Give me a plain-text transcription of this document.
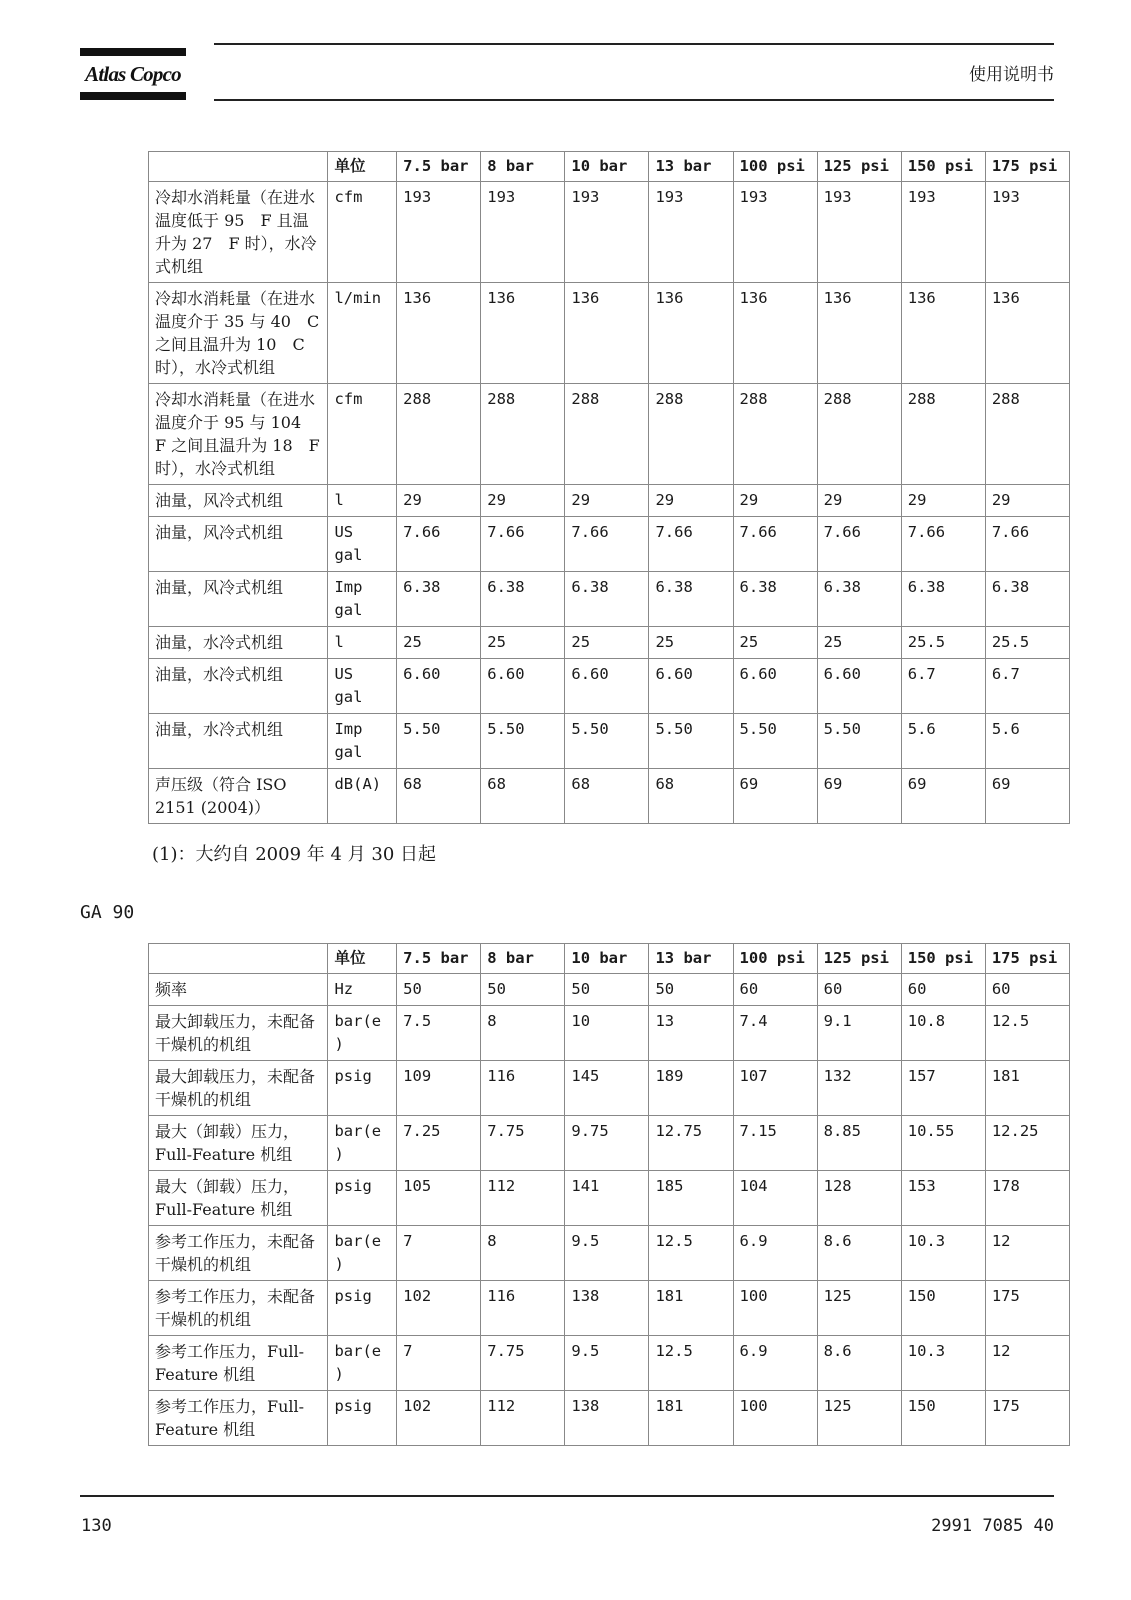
Atlas Copco	使用说明书
	单位	7.5 bar	8 bar	10 bar	13 bar	100 psi	125 psi	150 psi	175 psi
冷却水消耗量（在进水温度低于 95　F 且温升为 27　F 时），水冷式机组	cfm	193	193	193	193	193	193	193	193
冷却水消耗量（在进水温度介于 35 与 40　C 之间且温升为 10　C 时），水冷式机组	l/min	136	136	136	136	136	136	136	136
冷却水消耗量（在进水温度介于 95 与 104　F 之间且温升为 18　F 时），水冷式机组	cfm	288	288	288	288	288	288	288	288
油量，风冷式机组	l	29	29	29	29	29	29	29	29
油量，风冷式机组	US gal	7.66	7.66	7.66	7.66	7.66	7.66	7.66	7.66
油量，风冷式机组	Imp gal	6.38	6.38	6.38	6.38	6.38	6.38	6.38	6.38
油量，水冷式机组	l	25	25	25	25	25	25	25.5	25.5
油量，水冷式机组	US gal	6.60	6.60	6.60	6.60	6.60	6.60	6.7	6.7
油量，水冷式机组	Imp gal	5.50	5.50	5.50	5.50	5.50	5.50	5.6	5.6
声压级（符合 ISO 2151 (2004)）	dB(A)	68	68	68	68	69	69	69	69
(1)：大约自 2009 年 4 月 30 日起
GA 90
	单位	7.5 bar	8 bar	10 bar	13 bar	100 psi	125 psi	150 psi	175 psi
频率	Hz	50	50	50	50	60	60	60	60
最大卸载压力，未配备干燥机的机组	bar(e)	7.5	8	10	13	7.4	9.1	10.8	12.5
最大卸载压力，未配备干燥机的机组	psig	109	116	145	189	107	132	157	181
最大（卸载）压力，Full-Feature 机组	bar(e)	7.25	7.75	9.75	12.75	7.15	8.85	10.55	12.25
最大（卸载）压力，Full-Feature 机组	psig	105	112	141	185	104	128	153	178
参考工作压力，未配备干燥机的机组	bar(e)	7	8	9.5	12.5	6.9	8.6	10.3	12
参考工作压力，未配备干燥机的机组	psig	102	116	138	181	100	125	150	175
参考工作压力，Full-Feature 机组	bar(e)	7	7.75	9.5	12.5	6.9	8.6	10.3	12
参考工作压力，Full-Feature 机组	psig	102	112	138	181	100	125	150	175
130	2991 7085 40
